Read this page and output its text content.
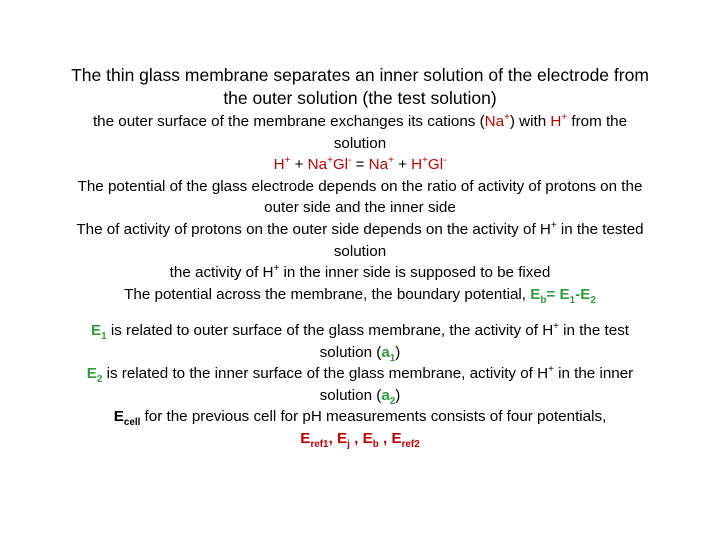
The thin glass membrane separates an inner solution of the electrode from
the outer solution (the test solution)
the outer surface of the membrane exchanges its cations (Na+) with H+ from the
solution
H+ + Na+Gl- = Na+ + H+Gl-
The potential of the glass electrode depends on the ratio of activity of protons on the
outer side and the inner side
The of activity of protons on the outer side depends on the activity of H+ in the tested
solution
the activity of H+ in the inner side is supposed to be fixed
The potential across the membrane, the boundary potential, $E_b= E_1-E_2$
$E_1$ is related to outer surface of the glass membrane, the activity of H+ in the test
solution $(a_1)$
$E_2$ is related to the inner surface of the glass membrane, activity of H+ in the inner
solution $(a_2)$
$E_{cell}$ for the previous cell for pH measurements consists of four potentials,
$E_{ref1}$, $E_j$ , $E_b$ , $E_{ref2}$
